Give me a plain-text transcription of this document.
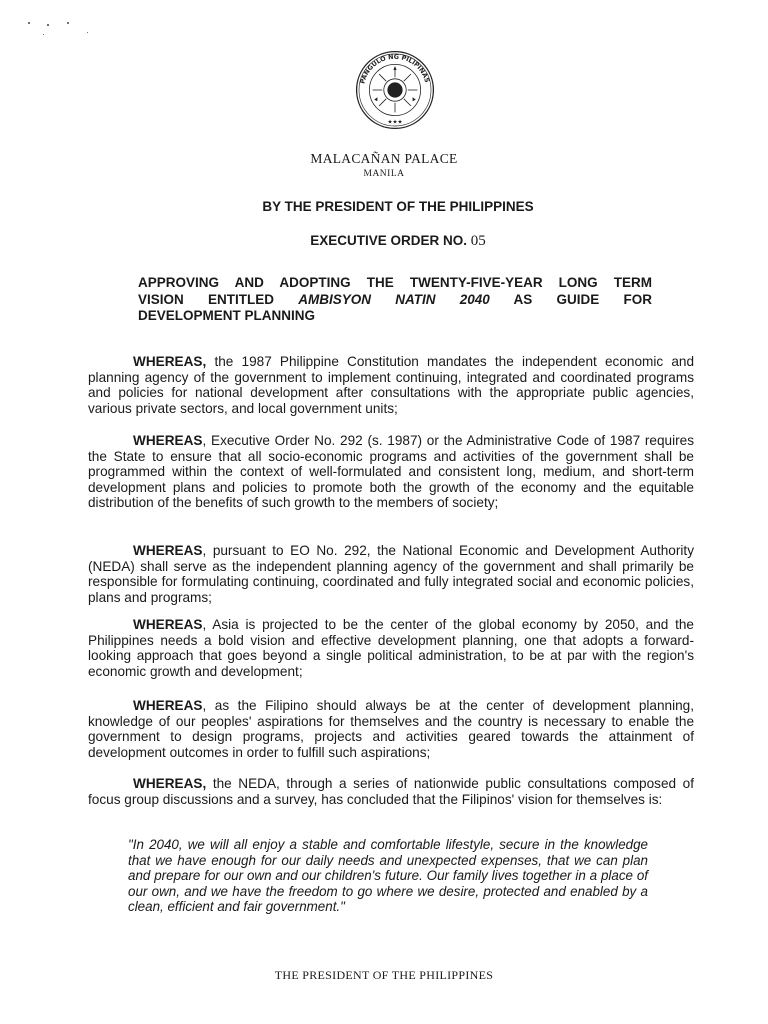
PANGULO NG PILIPINAS
★★★
MALACAÑAN PALACE
MANILA
BY THE PRESIDENT OF THE PHILIPPINES
EXECUTIVE ORDER NO. 05
APPROVING AND ADOPTING THE TWENTY-FIVE-YEAR LONG TERM
VISION ENTITLED AMBISYON NATIN 2040 AS GUIDE FOR
DEVELOPMENT PLANNING
WHEREAS, the 1987 Philippine Constitution mandates the independent economic and planning agency of the government to implement continuing, integrated and coordinated programs and policies for national development after consultations with the appropriate public agencies, various private sectors, and local government units;
WHEREAS, Executive Order No. 292 (s. 1987) or the Administrative Code of 1987 requires the State to ensure that all socio-economic programs and activities of the government shall be programmed within the context of well-formulated and consistent long, medium, and short-term development plans and policies to promote both the growth of the economy and the equitable distribution of the benefits of such growth to the members of society;
WHEREAS, pursuant to EO No. 292, the National Economic and Development Authority (NEDA) shall serve as the independent planning agency of the government and shall primarily be responsible for formulating continuing, coordinated and fully integrated social and economic policies, plans and programs;
WHEREAS, Asia is projected to be the center of the global economy by 2050, and the Philippines needs a bold vision and effective development planning, one that adopts a forward-looking approach that goes beyond a single political administration, to be at par with the region's economic growth and development;
WHEREAS, as the Filipino should always be at the center of development planning, knowledge of our peoples' aspirations for themselves and the country is necessary to enable the government to design programs, projects and activities geared towards the attainment of development outcomes in order to fulfill such aspirations;
WHEREAS, the NEDA, through a series of nationwide public consultations composed of focus group discussions and a survey, has concluded that the Filipinos' vision for themselves is:
"In 2040, we will all enjoy a stable and comfortable lifestyle, secure in the knowledge that we have enough for our daily needs and unexpected expenses, that we can plan and prepare for our own and our children's future. Our family lives together in a place of our own, and we have the freedom to go where we desire, protected and enabled by a clean, efficient and fair government."
THE PRESIDENT OF THE PHILIPPINES
